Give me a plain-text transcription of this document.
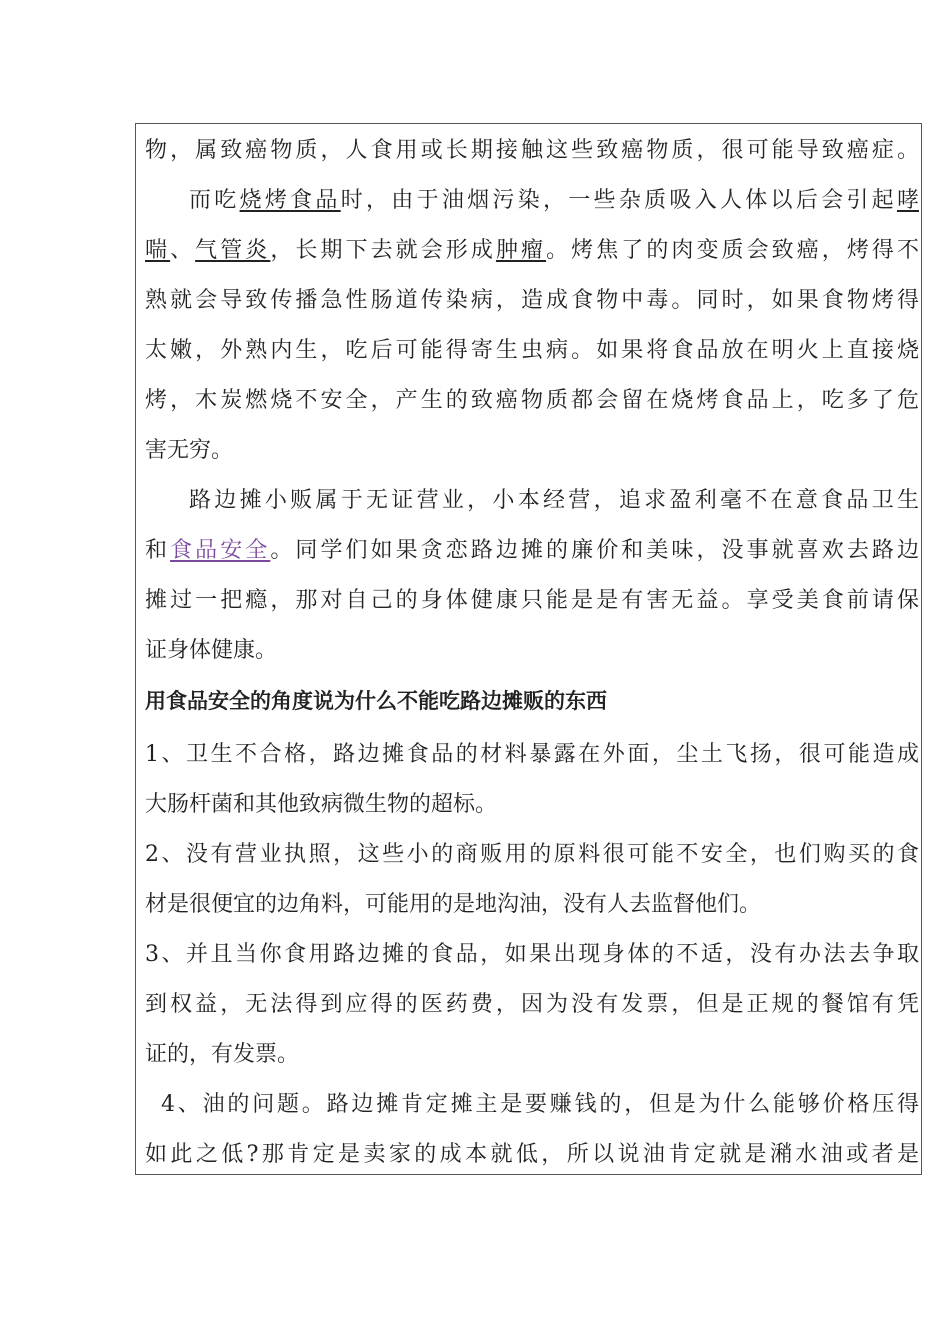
物，属致癌物质，人食用或长期接触这些致癌物质，很可能导致癌症。
而吃烧烤食品时，由于油烟污染，一些杂质吸入人体以后会引起哮
喘、气管炎，长期下去就会形成肿瘤。烤焦了的肉变质会致癌，烤得不
熟就会导致传播急性肠道传染病，造成食物中毒。同时，如果食物烤得
太嫩，外熟内生，吃后可能得寄生虫病。如果将食品放在明火上直接烧
烤，木炭燃烧不安全，产生的致癌物质都会留在烧烤食品上，吃多了危
害无穷。
路边摊小贩属于无证营业，小本经营，追求盈利毫不在意食品卫生
和食品安全。同学们如果贪恋路边摊的廉价和美味，没事就喜欢去路边
摊过一把瘾，那对自己的身体健康只能是是有害无益。享受美食前请保
证身体健康。
用食品安全的角度说为什么不能吃路边摊贩的东西
1、卫生不合格，路边摊食品的材料暴露在外面，尘土飞扬，很可能造成
大肠杆菌和其他致病微生物的超标。
2、没有营业执照，这些小的商贩用的原料很可能不安全，也们购买的食
材是很便宜的边角料，可能用的是地沟油，没有人去监督他们。
3、并且当你食用路边摊的食品，如果出现身体的不适，没有办法去争取
到权益，无法得到应得的医药费，因为没有发票，但是正规的餐馆有凭
证的，有发票。
4、油的问题。路边摊肯定摊主是要赚钱的，但是为什么能够价格压得
如此之低?那肯定是卖家的成本就低，所以说油肯定就是潲水油或者是
